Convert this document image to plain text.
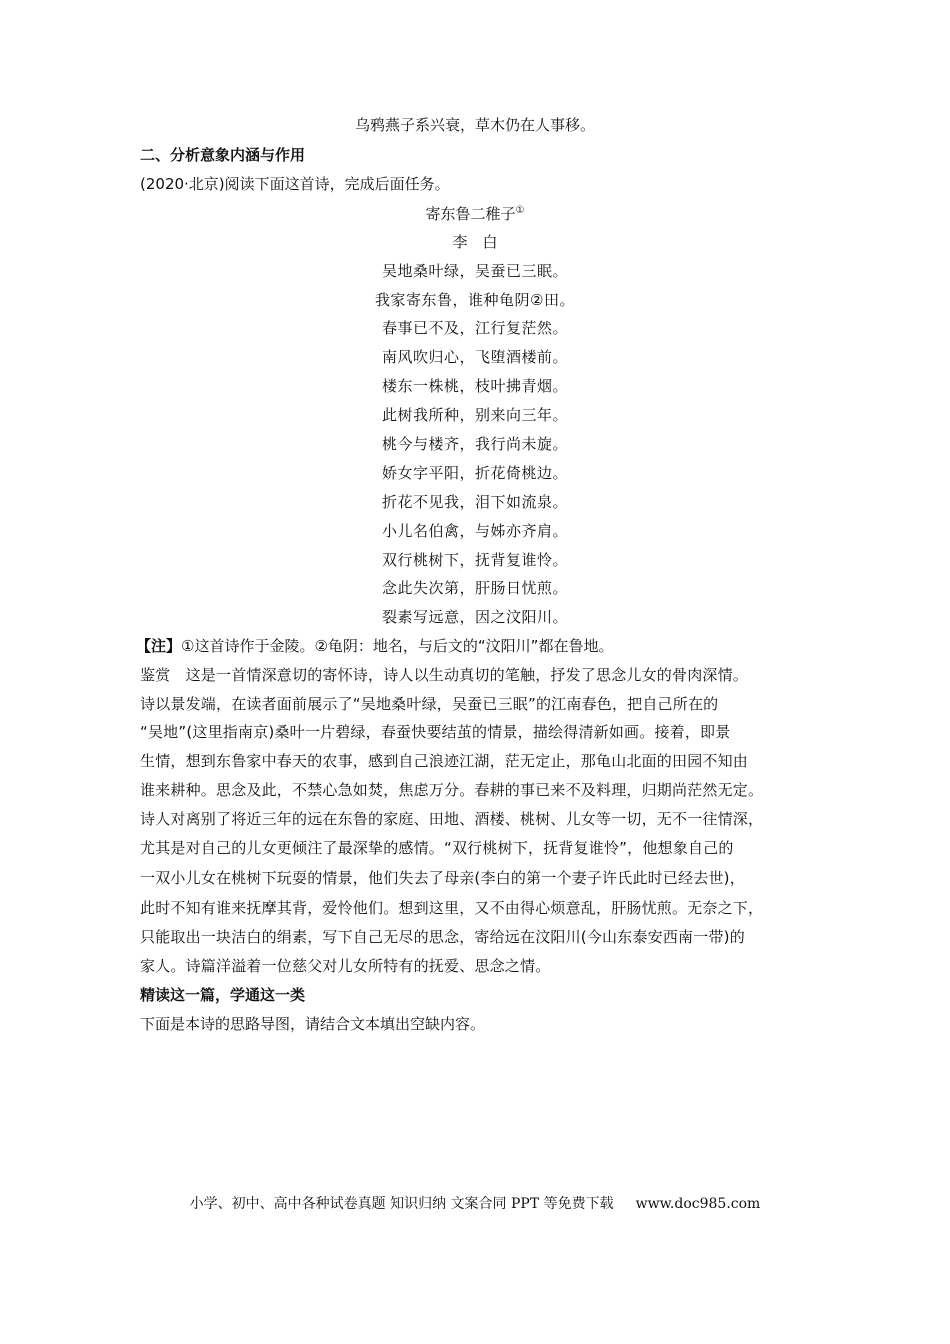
乌鸦燕子系兴衰，草木仍在人事移。
二、分析意象内涵与作用
(2020·北京)阅读下面这首诗，完成后面任务。
寄东鲁二稚子①
李　白
吴地桑叶绿，吴蚕已三眠。
我家寄东鲁，谁种龟阴②田。
春事已不及，江行复茫然。
南风吹归心，飞堕酒楼前。
楼东一株桃，枝叶拂青烟。
此树我所种，别来向三年。
桃今与楼齐，我行尚未旋。
娇女字平阳，折花倚桃边。
折花不见我，泪下如流泉。
小儿名伯禽，与姊亦齐肩。
双行桃树下，抚背复谁怜。
念此失次第，肝肠日忧煎。
裂素写远意，因之汶阳川。
【注】①这首诗作于金陵。②龟阴：地名，与后文的“汶阳川”都在鲁地。
鉴赏　这是一首情深意切的寄怀诗，诗人以生动真切的笔触，抒发了思念儿女的骨肉深情。
诗以景发端，在读者面前展示了“吴地桑叶绿，吴蚕已三眠”的江南春色，把自己所在的
“吴地”(这里指南京)桑叶一片碧绿，春蚕快要结茧的情景，描绘得清新如画。接着，即景
生情，想到东鲁家中春天的农事，感到自己浪迹江湖，茫无定止，那龟山北面的田园不知由
谁来耕种。思念及此，不禁心急如焚，焦虑万分。春耕的事已来不及料理，归期尚茫然无定。
诗人对离别了将近三年的远在东鲁的家庭、田地、酒楼、桃树、儿女等一切，无不一往情深，
尤其是对自己的儿女更倾注了最深挚的感情。“双行桃树下，抚背复谁怜”，他想象自己的
一双小儿女在桃树下玩耍的情景，他们失去了母亲(李白的第一个妻子许氏此时已经去世)，
此时不知有谁来抚摩其背，爱怜他们。想到这里，又不由得心烦意乱，肝肠忧煎。无奈之下，
只能取出一块洁白的绢素，写下自己无尽的思念，寄给远在汶阳川(今山东泰安西南一带)的
家人。诗篇洋溢着一位慈父对儿女所特有的抚爱、思念之情。
精读这一篇，学通这一类
下面是本诗的思路导图，请结合文本填出空缺内容。
小学、初中、高中各种试卷真题 知识归纳 文案合同 PPT 等免费下载 www.doc985.com
